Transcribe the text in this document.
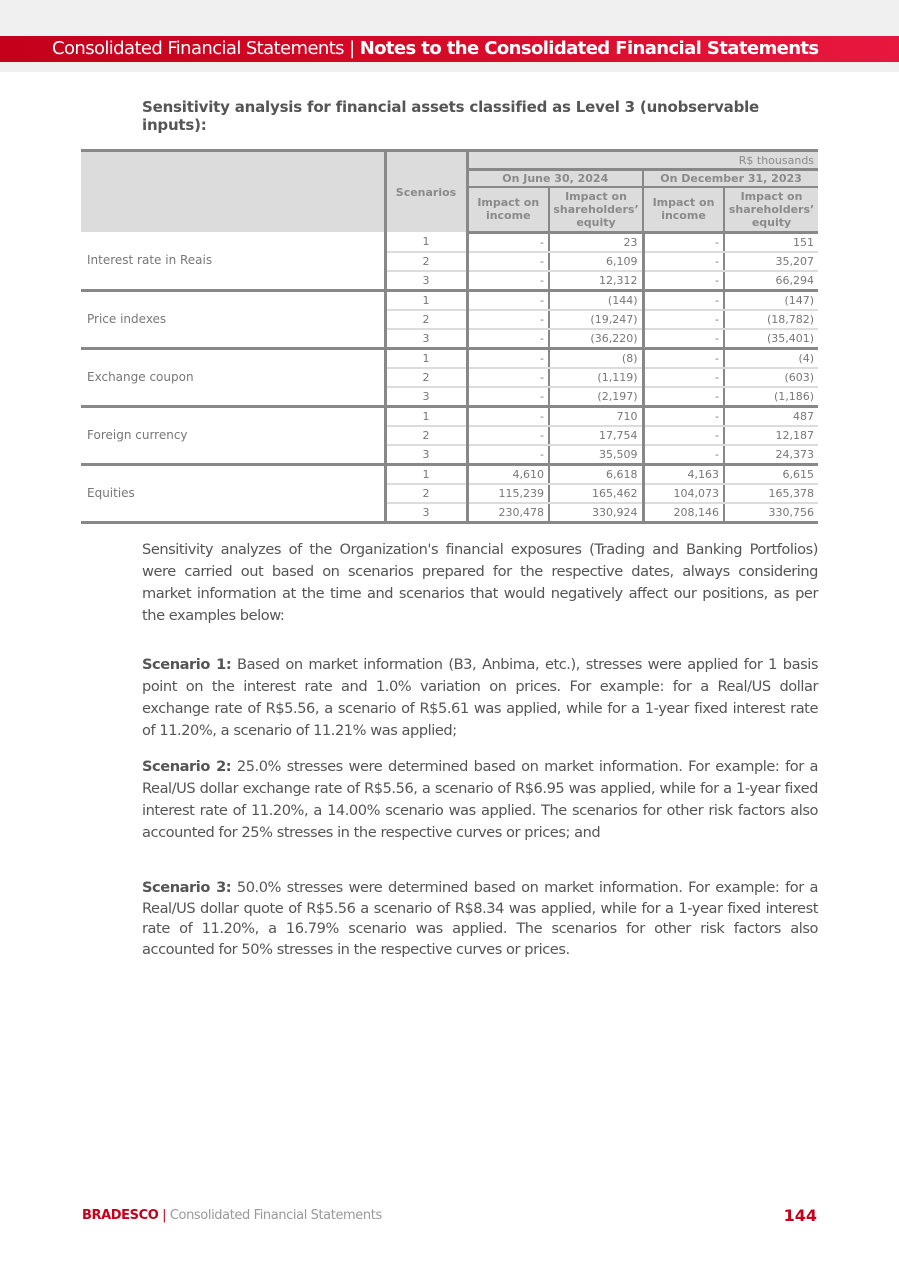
Consolidated Financial Statements | Notes to the Consolidated Financial Statements
Sensitivity analysis for financial assets classified as Level 3 (unobservable inputs):
	Scenarios	R$ thousands			
		On June 30, 2024		On December 31, 2023	
		Impact on income	Impact on shareholders’ equity	Impact on income	Impact on shareholders’ equity
Interest rate in Reais	1	-	23	-	151
	2	-	6,109	-	35,207
	3	-	12,312	-	66,294
Price indexes	1	-	(144)	-	(147)
	2	-	(19,247)	-	(18,782)
	3	-	(36,220)	-	(35,401)
Exchange coupon	1	-	(8)	-	(4)
	2	-	(1,119)	-	(603)
	3	-	(2,197)	-	(1,186)
Foreign currency	1	-	710	-	487
	2	-	17,754	-	12,187
	3	-	35,509	-	24,373
Equities	1	4,610	6,618	4,163	6,615
	2	115,239	165,462	104,073	165,378
	3	230,478	330,924	208,146	330,756
Sensitivity analyzes of the Organization's financial exposures (Trading and Banking Portfolios) were carried out based on scenarios prepared for the respective dates, always considering market information at the time and scenarios that would negatively affect our positions, as per the examples below:
Scenario 1: Based on market information (B3, Anbima, etc.), stresses were applied for 1 basis point on the interest rate and 1.0% variation on prices. For example: for a Real/US dollar exchange rate of R$5.56, a scenario of R$5.61 was applied, while for a 1-year fixed interest rate of 11.20%, a scenario of 11.21% was applied;
Scenario 2: 25.0% stresses were determined based on market information. For example: for a Real/US dollar exchange rate of R$5.56, a scenario of R$6.95 was applied, while for a 1-year fixed interest rate of 11.20%, a 14.00% scenario was applied. The scenarios for other risk factors also accounted for 25% stresses in the respective curves or prices; and
Scenario 3: 50.0% stresses were determined based on market information. For example: for a Real/US dollar quote of R$5.56 a scenario of R$8.34 was applied, while for a 1-year fixed interest rate of 11.20%, a 16.79% scenario was applied. The scenarios for other risk factors also accounted for 50% stresses in the respective curves or prices.
BRADESCO | Consolidated Financial Statements	144
